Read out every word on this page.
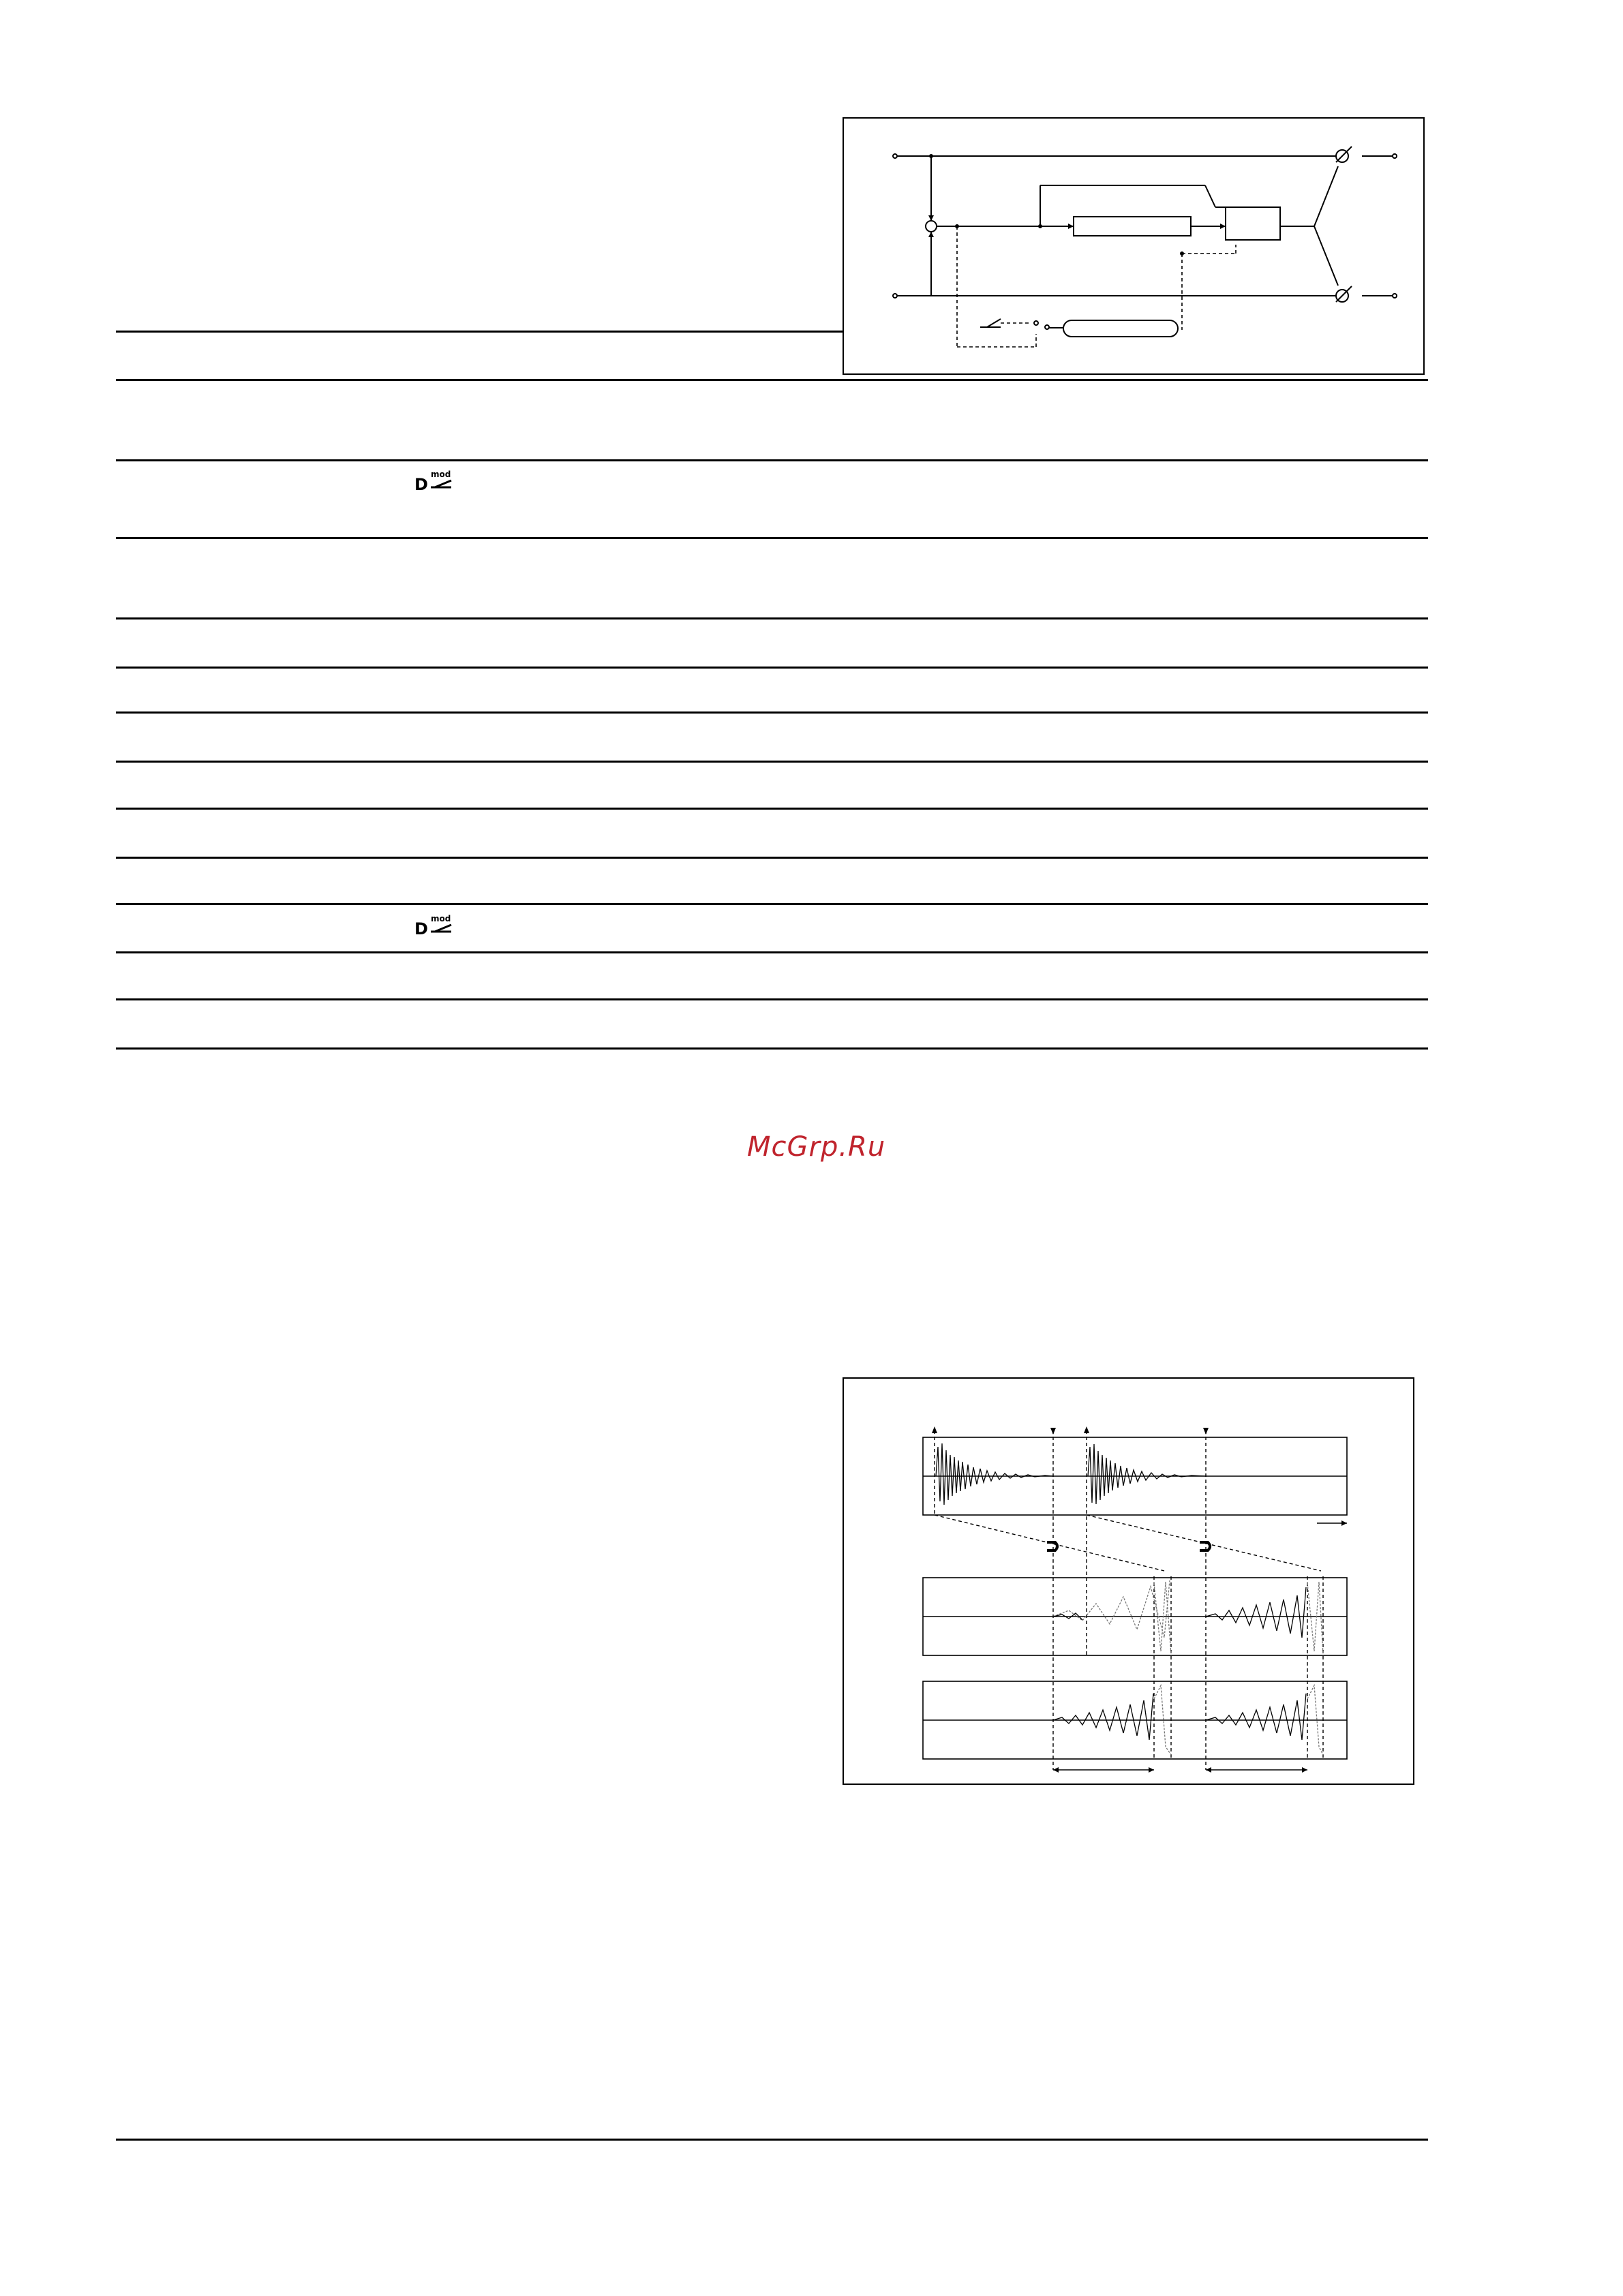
D
mod
D
mod
McGrp.Ru
